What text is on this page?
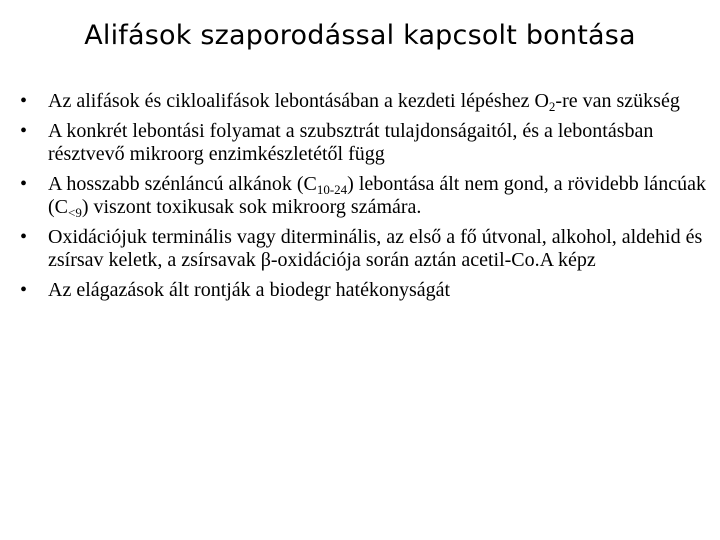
Alifások szaporodással kapcsolt bontása
• Az alifások és cikloalifások lebontásában a kezdeti lépéshez $O_2-re$ van szükség
• A konkrét lebontási folyamat a szubsztrát tulajdonságaitól, és a lebontásban résztvevő mikroorg enzimkészletétől függ
• A hosszabb szénláncú alkánok $(C_{10-24})$ lebontása ált nem gond, a rövidebb láncúak $(C_{<9})$ viszont toxikusak sok mikroorg számára.
• Oxidációjuk terminális vagy diterminális, az első a fő útvonal, alkohol, aldehid és zsírsav keletk, a zsírsavak β-oxidációja során aztán acetil-Co.A képz
• Az elágazások ált rontják a biodegr hatékonyságát
